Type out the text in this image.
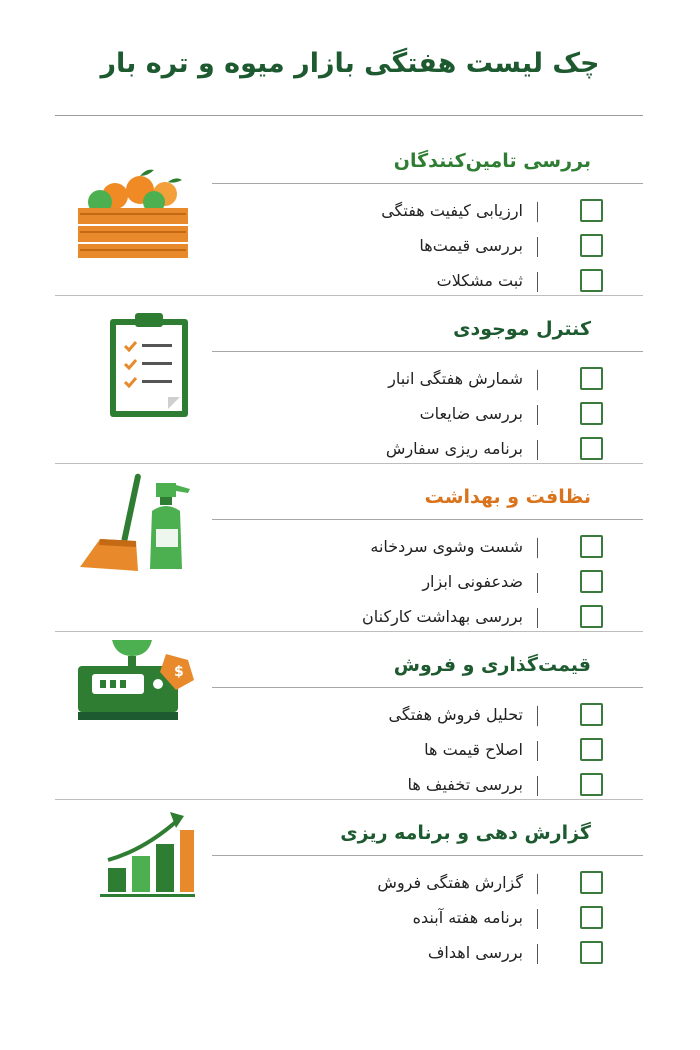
چک لیست هفتگی بازار میوه و تره بار
بررسی تامین‌کنندگان
ارزیابی کیفیت هفتگی
بررسی قیمت‌ها
ثبت مشکلات
کنترل موجودی
شمارش هفتگی انبار
بررسی ضایعات
برنامه ریزی سفارش
نظافت و بهداشت
شست وشوی سردخانه
ضدعفونی ابزار
بررسی بهداشت کارکنان
قیمت‌گذاری و فروش
$
تحلیل فروش هفتگی
اصلاح قیمت ها
بررسی تخفیف ها
گزارش دهی و برنامه ریزی
گزارش هفتگی فروش
برنامه هفته آبنده
بررسی اهداف
